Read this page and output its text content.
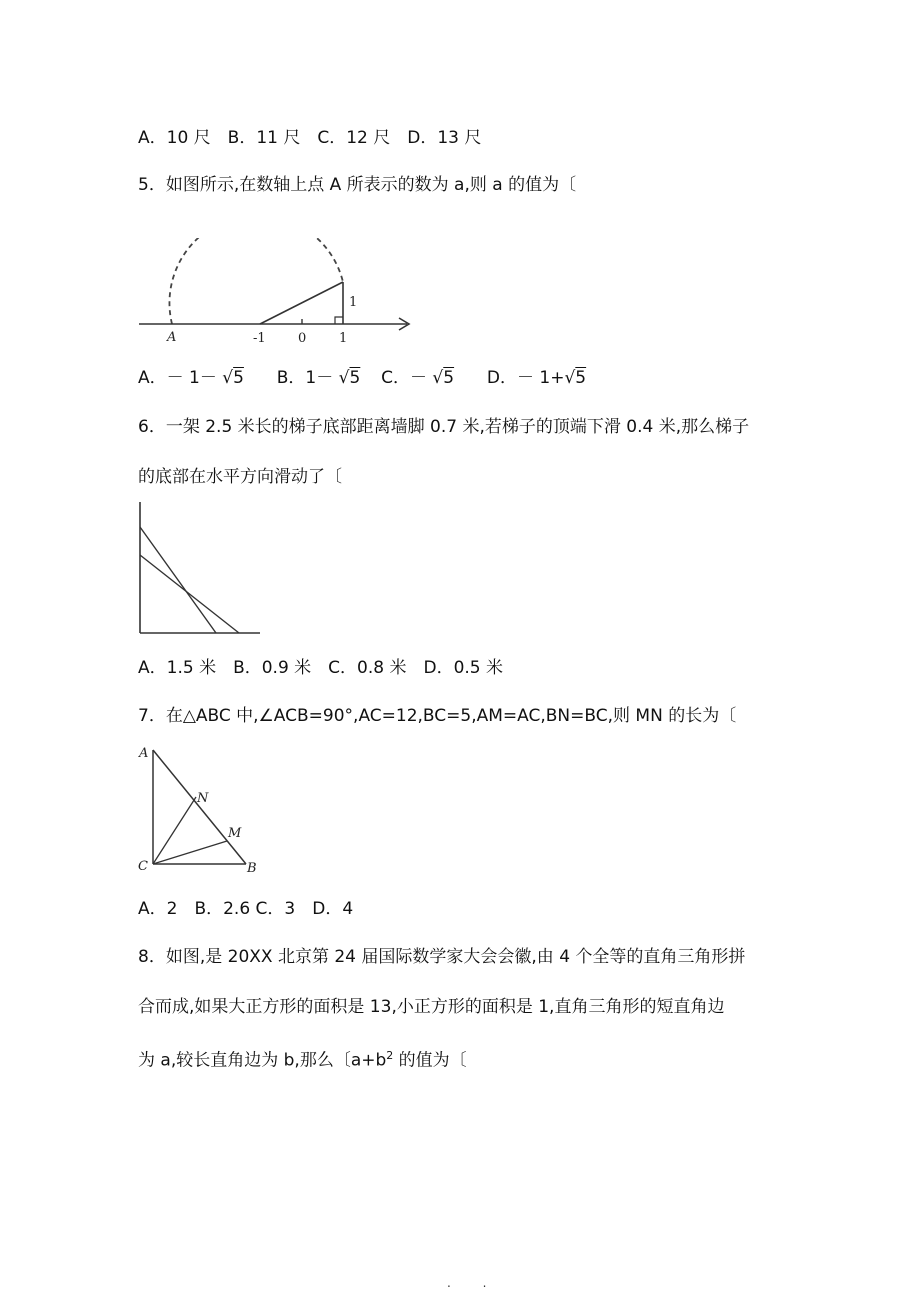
A．10 尺　B．11 尺　C．12 尺　D．13 尺
5．如图所示,在数轴上点 A 所表示的数为 a,则 a 的值为〔
A	-1 0	1
1
A．－ 1－ √5 B．1－ √5 C．－ √5 D．－ 1+√5
6．一架 2.5 米长的梯子底部距离墙脚 0.7 米,若梯子的顶端下滑 0.4 米,那么梯子
的底部在水平方向滑动了〔
A．1.5 米　B．0.9 米　C．0.8 米　D．0.5 米
7．在△ABC 中,∠ACB=90°,AC=12,BC=5,AM=AC,BN=BC,则 MN 的长为〔
A
N
M
C	B
A．2　B．2.6 C．3　D．4
8．如图,是 20XX 北京第 24 届国际数学家大会会徽,由 4 个全等的直角三角形拼
合而成,如果大正方形的面积是 13,小正方形的面积是 1,直角三角形的短直角边
为 a,较长直角边为 b,那么〔$a+b^2$ 的值为〔
. .
